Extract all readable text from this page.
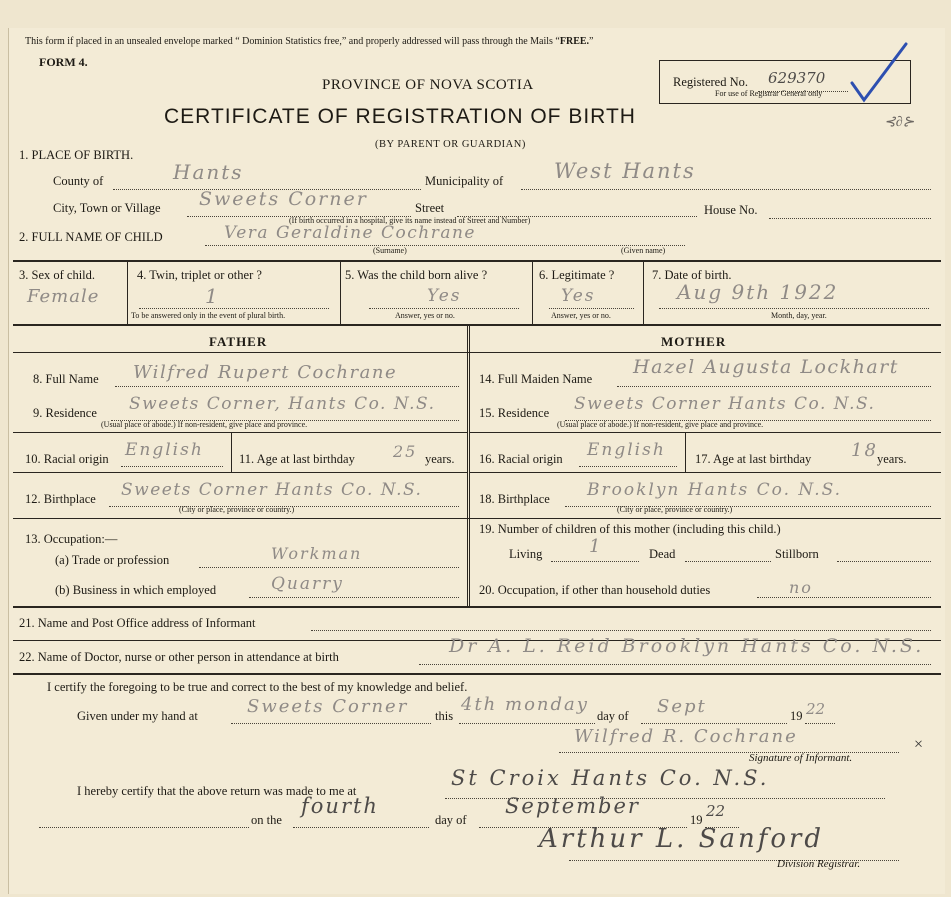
This form if placed in an unsealed envelope marked “ Dominion Statistics free,” and properly addressed will pass through the Mails “FREE.”
FORM 4.
PROVINCE OF NOVA SCOTIA
CERTIFICATE OF REGISTRATION OF BIRTH
(BY PARENT OR GUARDIAN)
Registered No. 629370
For use of Registrar General only
⊰∂⊱
1. PLACE OF BIRTH.
County of	Hants	Municipality of West Hants
City, Town or Village Sweets Corner	Street	House No.
(If birth occurred in a hospital, give its name instead of Street and Number)
2. FULL NAME OF CHILD	Vera Geraldine Cochrane
(Surname)	(Given name)
3. Sex of child.
Female
4. Twin, triplet or other ?
1
To be answered only in the event of plural birth.
5. Was the child born alive ?
Yes
Answer, yes or no.
6. Legitimate ?
Yes
Answer, yes or no.
7. Date of birth.
Aug 9th 1922
Month, day, year.
FATHER	MOTHER
8. Full Name Wilfred Rupert Cochrane
9. Residence Sweets Corner, Hants Co. N.S.
(Usual place of abode.) If non-resident, give place and province.
10. Racial origin English	11. Age at last birthday 25 years.
12. Birthplace Sweets Corner Hants Co. N.S.
(City or place, province or country.)
13. Occupation:—
(a) Trade or profession	Workman
(b) Business in which employed	Quarry
14. Full Maiden Name
Hazel Augusta Lockhart
15. Residence Sweets Corner Hants Co. N.S.
(Usual place of abode.) If non-resident, give place and province.
16. Racial origin English 17. Age at last birthday 18 years.
18. Birthplace Brooklyn Hants Co. N.S.
(City or place, province or country.)
19. Number of children of this mother (including this child.)
Living	1	Dead	Stillborn
20. Occupation, if other than household duties	no
21. Name and Post Office address of Informant
22. Name of Doctor, nurse or other person in attendance at birth	Dr A. L. Reid Brooklyn Hants Co. N.S.
I certify the foregoing to be true and correct to the best of my knowledge and belief.
Given under my hand at	Sweets Corner this
4th monday
day of Sept	19 22
Wilfred R. Cochrane
Signature of Informant.
×
I hereby certify that the above return was made to me at
St Croix Hants Co. N.S.
on the
fourth
day of
September
19 22
Arthur L. Sanford
Division Registrar.
